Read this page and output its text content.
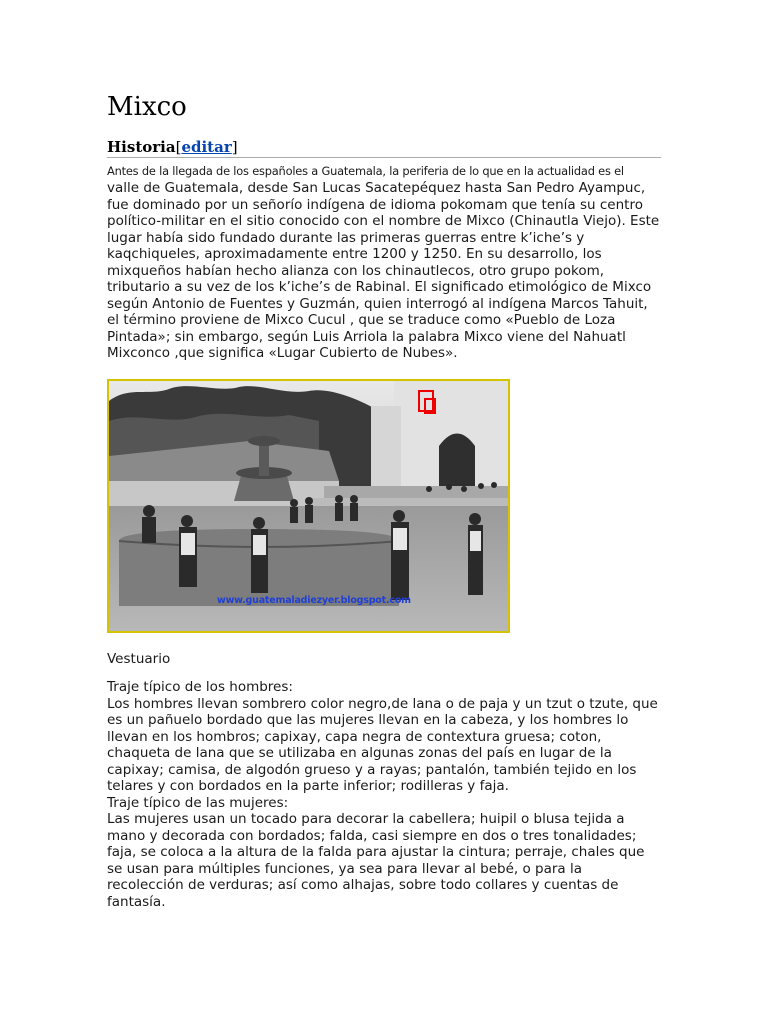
Mixco
Historia[editar]
Antes de la llegada de los españoles a Guatemala, la periferia de lo que en la actualidad es el
valle de Guatemala, desde San Lucas Sacatepéquez hasta San Pedro Ayampuc, fue dominado por un señorío indígena de idioma pokomam que tenía su centro político-militar en el sitio conocido con el nombre de Mixco (Chinautla Viejo). Este lugar había sido fundado durante las primeras guerras entre k’iche’s y kaqchiqueles, aproximadamente entre 1200 y 1250. En su desarrollo, los mixqueños habían hecho alianza con los chinautlecos, otro grupo pokom, tributario a su vez de los k’iche’s de Rabinal. El significado etimológico de Mixco según Antonio de Fuentes y Guzmán, quien interrogó al indígena Marcos Tahuit, el término proviene de Mixco Cucul , que se traduce como «Pueblo de Loza Pintada»; sin embargo, según Luis Arriola la palabra Mixco viene del Nahuatl Mixconco ,que significa «Lugar Cubierto de Nubes».
www.guatemaladiezyer.blogspot.com
Vestuario
Traje típico de los hombres:
Los hombres llevan sombrero color negro,de lana o de paja y un tzut o tzute, que es un pañuelo bordado que las mujeres llevan en la cabeza, y los hombres lo llevan en los hombros; capixay, capa negra de contextura gruesa; coton, chaqueta de lana que se utilizaba en algunas zonas del país en lugar de la capixay; camisa, de algodón grueso y a rayas; pantalón, también tejido en los telares y con bordados en la parte inferior; rodilleras y faja.
Traje típico de las mujeres:
Las mujeres usan un tocado para decorar la cabellera; huipil o blusa tejida a mano y decorada con bordados; falda, casi siempre en dos o tres tonalidades; faja, se coloca a la altura de la falda para ajustar la cintura; perraje, chales que se usan para múltiples funciones, ya sea para llevar al bebé, o para la recolección de verduras; así como alhajas, sobre todo collares y cuentas de fantasía.
